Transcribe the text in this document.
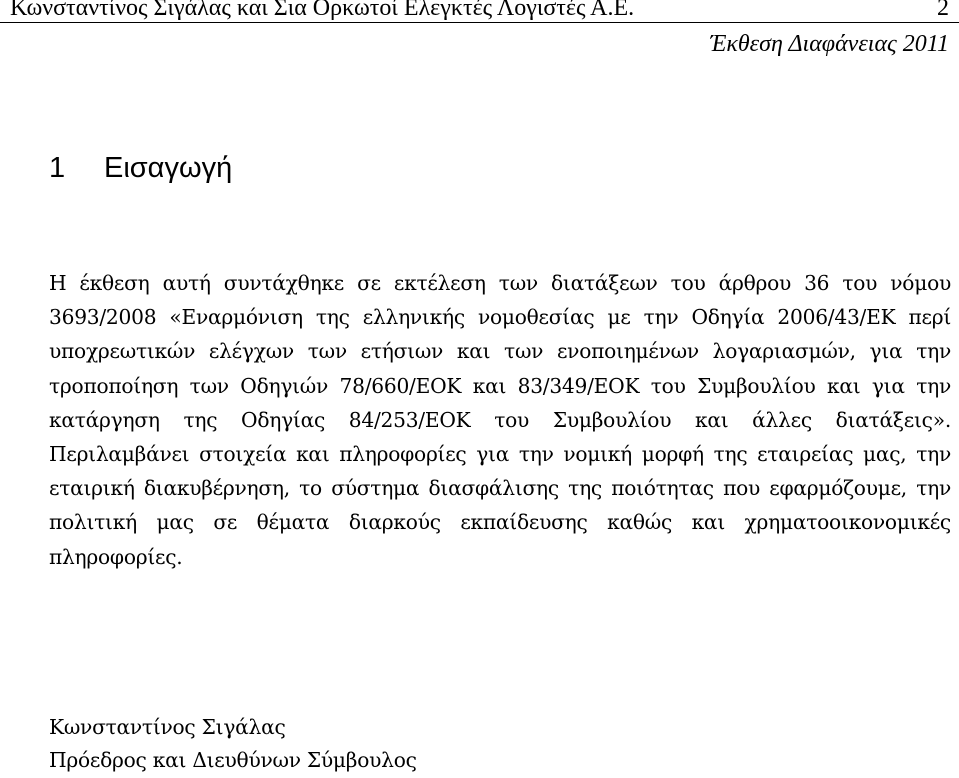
Κωνσταντίνος Σιγάλας και Σια Ορκωτοί Ελεγκτές Λογιστές Α.Ε.	2
Έκθεση Διαφάνειας 2011
1 Εισαγωγή

Η έκθεση αυτή συντάχθηκε σε εκτέλεση των διατάξεων του άρθρου 36 του νόμου 3693/2008 «Εναρμόνιση της ελληνικής νομοθεσίας με την Οδηγία 2006/43/ΕΚ περί υποχρεωτικών ελέγχων των ετήσιων και των ενοποιημένων λογαριασμών, για την τροποποίηση των Οδηγιών 78/660/ΕΟΚ και 83/349/ΕΟΚ του Συμβουλίου και για την κατάργηση της Οδηγίας 84/253/ΕΟΚ του Συμβουλίου και άλλες διατάξεις». Περιλαμβάνει στοιχεία και πληροφορίες για την νομική μορφή της εταιρείας μας, την εταιρική διακυβέρνηση, το σύστημα διασφάλισης της ποιότητας που εφαρμόζουμε, την πολιτική μας σε θέματα διαρκούς εκπαίδευσης καθώς και χρηματοοικονομικές πληροφορίες.

Κωνσταντίνος Σιγάλας
Πρόεδρος και Διευθύνων Σύμβουλος
